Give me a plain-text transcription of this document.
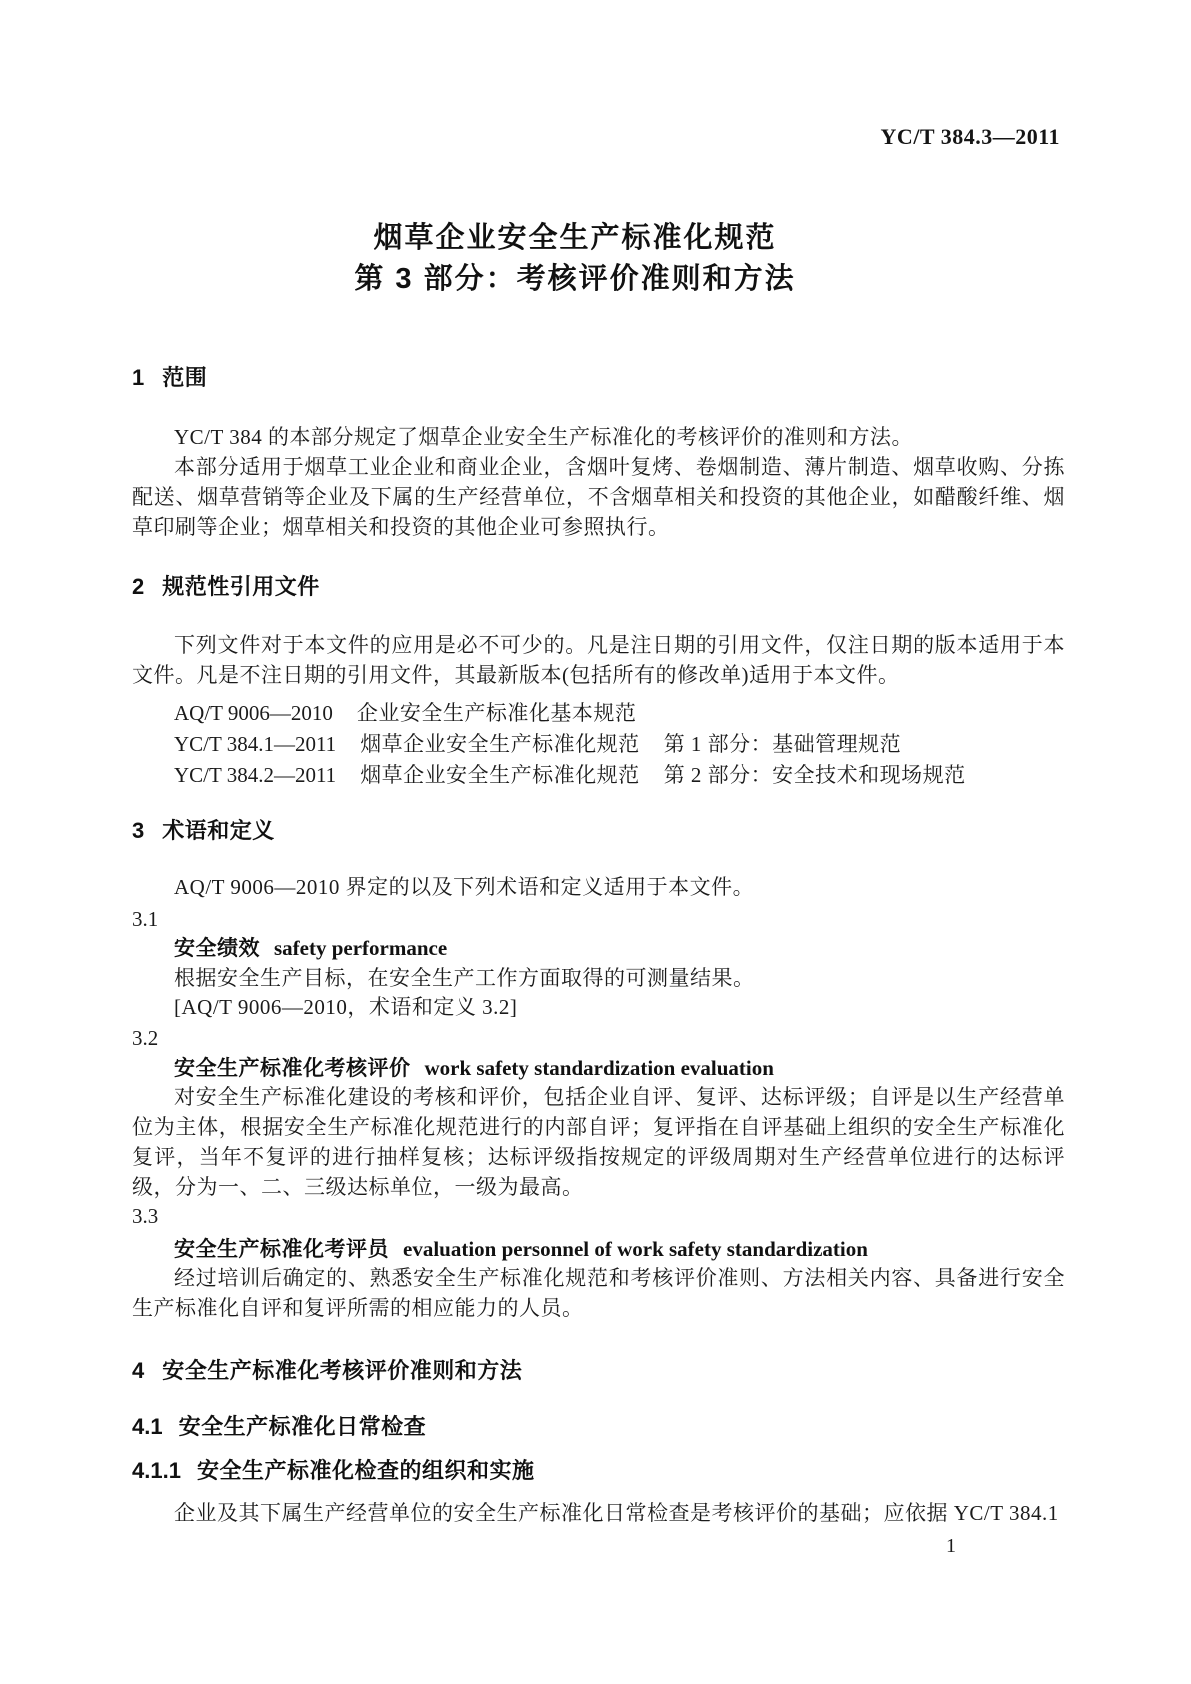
YC/T 384.3—2011
烟草企业安全生产标准化规范
第 3 部分：考核评价准则和方法
1 范围

YC/T 384 的本部分规定了烟草企业安全生产标准化的考核评价的准则和方法。

本部分适用于烟草工业企业和商业企业，含烟叶复烤、卷烟制造、薄片制造、烟草收购、分拣配送、烟草营销等企业及下属的生产经营单位，不含烟草相关和投资的其他企业，如醋酸纤维、烟草印刷等企业；烟草相关和投资的其他企业可参照执行。

2 规范性引用文件

下列文件对于本文件的应用是必不可少的。凡是注日期的引用文件，仅注日期的版本适用于本文件。凡是不注日期的引用文件，其最新版本(包括所有的修改单)适用于本文件。

AQ/T 9006—2010 企业安全生产标准化基本规范

YC/T 384.1—2011 烟草企业安全生产标准化规范 第 1 部分：基础管理规范

YC/T 384.2—2011 烟草企业安全生产标准化规范 第 2 部分：安全技术和现场规范

3 术语和定义

AQ/T 9006—2010 界定的以及下列术语和定义适用于本文件。

3.1

安全绩效 safety performance

根据安全生产目标，在安全生产工作方面取得的可测量结果。

[AQ/T 9006—2010，术语和定义 3.2]

3.2

安全生产标准化考核评价 work safety standardization evaluation

对安全生产标准化建设的考核和评价，包括企业自评、复评、达标评级；自评是以生产经营单位为主体，根据安全生产标准化规范进行的内部自评；复评指在自评基础上组织的安全生产标准化复评，当年不复评的进行抽样复核；达标评级指按规定的评级周期对生产经营单位进行的达标评级，分为一、二、三级达标单位，一级为最高。

3.3

安全生产标准化考评员 evaluation personnel of work safety standardization

经过培训后确定的、熟悉安全生产标准化规范和考核评价准则、方法相关内容、具备进行安全生产标准化自评和复评所需的相应能力的人员。

4 安全生产标准化考核评价准则和方法
4.1 安全生产标准化日常检查
4.1.1 安全生产标准化检查的组织和实施

企业及其下属生产经营单位的安全生产标准化日常检查是考核评价的基础；应依据 YC/T 384.1

1
